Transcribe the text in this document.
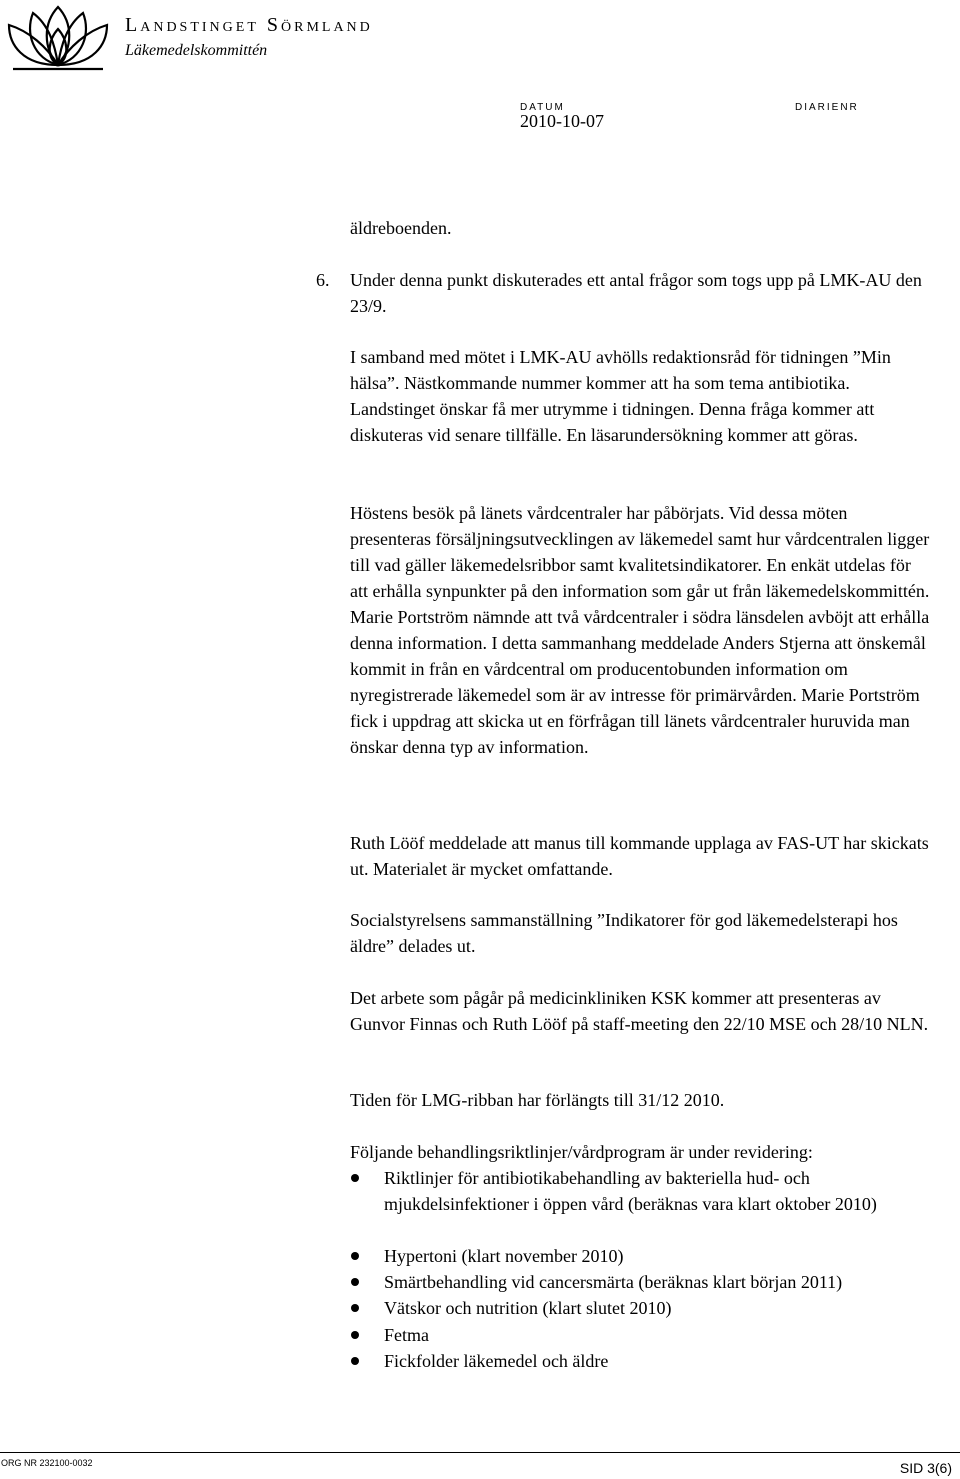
Landstinget Sörmland
Läkemedelskommittén
DATUM
2010-10-07
DIARIENR

äldreboenden.

6. Under denna punkt diskuterades ett antal frågor som togs upp på LMK-AU den 23/9.

I samband med mötet i LMK-AU avhölls redaktionsråd för tidningen ”Min hälsa”. Nästkommande nummer kommer att ha som tema antibiotika. Landstinget önskar få mer utrymme i tidningen. Denna fråga kommer att diskuteras vid senare tillfälle. En läsarundersökning kommer att göras.

Höstens besök på länets vårdcentraler har påbörjats. Vid dessa möten presenteras försäljningsutvecklingen av läkemedel samt hur vårdcentralen ligger till vad gäller läkemedelsribbor samt kvalitetsindikatorer. En enkät utdelas för att erhålla synpunkter på den information som går ut från läkemedelskommittén. Marie Portström nämnde att två vårdcentraler i södra länsdelen avböjt att erhålla denna information. I detta sammanhang meddelade Anders Stjerna att önskemål kommit in från en vårdcentral om producentobunden information om nyregistrerade läkemedel som är av intresse för primärvården. Marie Portström fick i uppdrag att skicka ut en förfrågan till länets vårdcentraler huruvida man önskar denna typ av information.

Ruth Lööf meddelade att manus till kommande upplaga av FAS-UT har skickats ut. Materialet är mycket omfattande.

Socialstyrelsens sammanställning ”Indikatorer för god läkemedelsterapi hos äldre” delades ut.

Det arbete som pågår på medicinkliniken KSK kommer att presenteras av Gunvor Finnas och Ruth Lööf på staff-meeting den 22/10 MSE och 28/10 NLN.

Tiden för LMG-ribban har förlängts till 31/12 2010.

Följande behandlingsriktlinjer/vårdprogram är under revidering:

Riktlinjer för antibiotikabehandling av bakteriella hud- och mjukdelsinfektioner i öppen vård (beräknas vara klart oktober 2010)

Hypertoni (klart november 2010)

Smärtbehandling vid cancersmärta (beräknas klart början 2011)

Vätskor och nutrition (klart slutet 2010)

Fetma

Fickfolder läkemedel och äldre

ORG NR 232100-0032	SID 3(6)
